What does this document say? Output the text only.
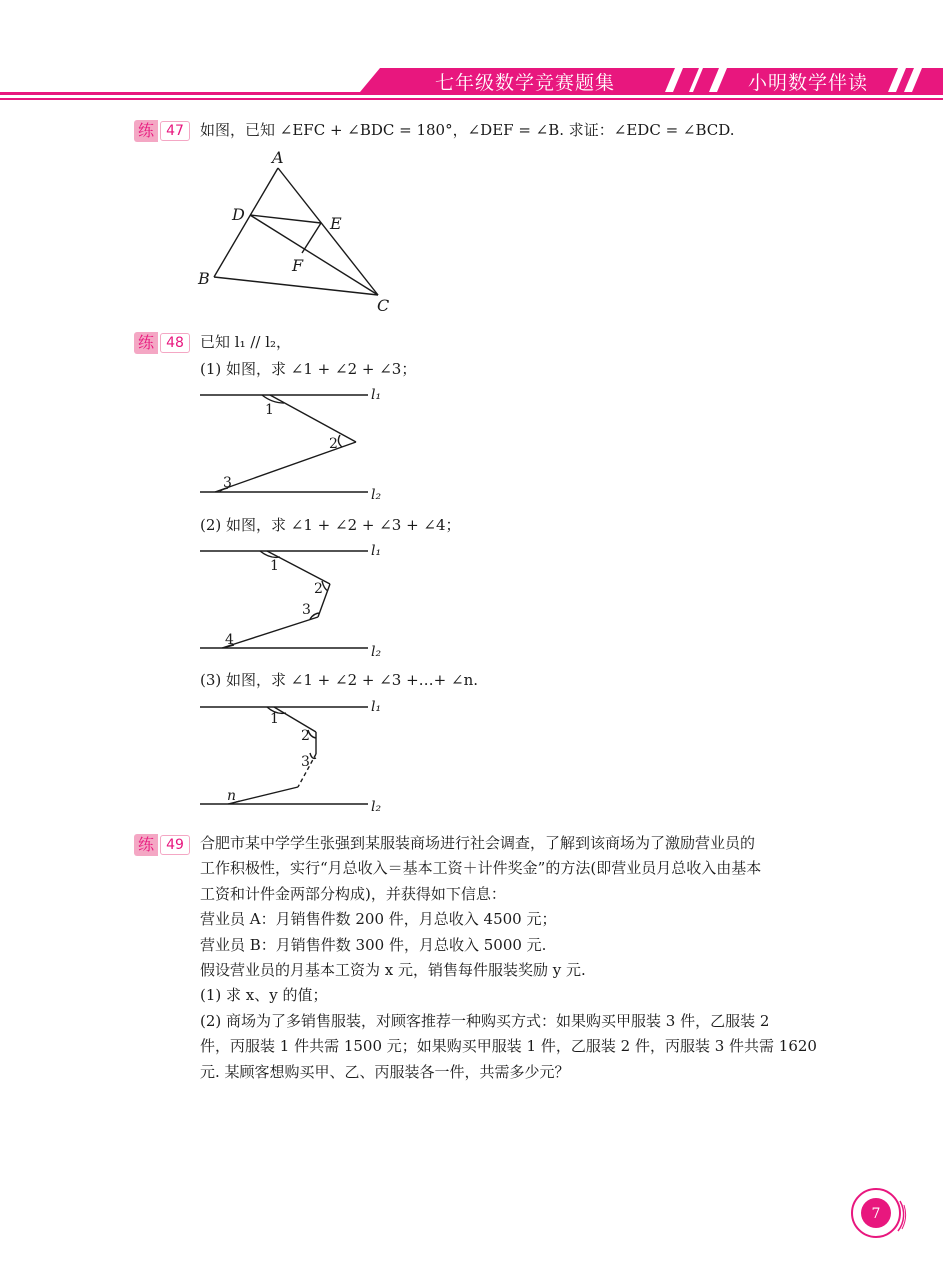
七年级数学竞赛题集	小明数学伴读
练 47	如图，已知 ∠EFC + ∠BDC = 180°，∠DEF = ∠B. 求证：∠EDC = ∠BCD.
A
D	E
F
B
C
练 48	已知 l₁ // l₂，
(1) 如图，求 ∠1 + ∠2 + ∠3；
1
2
3
l₁
l₂
(2) 如图，求 ∠1 + ∠2 + ∠3 + ∠4；
1
2
3
4
l₁
l₂
(3) 如图，求 ∠1 + ∠2 + ∠3 +…+ ∠n.
1
2
3
n
l₁
l₂
练 49	合肥市某中学学生张强到某服装商场进行社会调查，了解到该商场为了激励营业员的
工作积极性，实行“月总收入＝基本工资＋计件奖金”的方法(即营业员月总收入由基本
工资和计件金两部分构成)，并获得如下信息：
营业员 A：月销售件数 200 件，月总收入 4500 元；
营业员 B：月销售件数 300 件，月总收入 5000 元.
假设营业员的月基本工资为 x 元，销售每件服装奖励 y 元.
(1) 求 x、y 的值；
(2) 商场为了多销售服装，对顾客推荐一种购买方式：如果购买甲服装 3 件，乙服装 2
件，丙服装 1 件共需 1500 元；如果购买甲服装 1 件，乙服装 2 件，丙服装 3 件共需 1620
元. 某顾客想购买甲、乙、丙服装各一件，共需多少元？
7
